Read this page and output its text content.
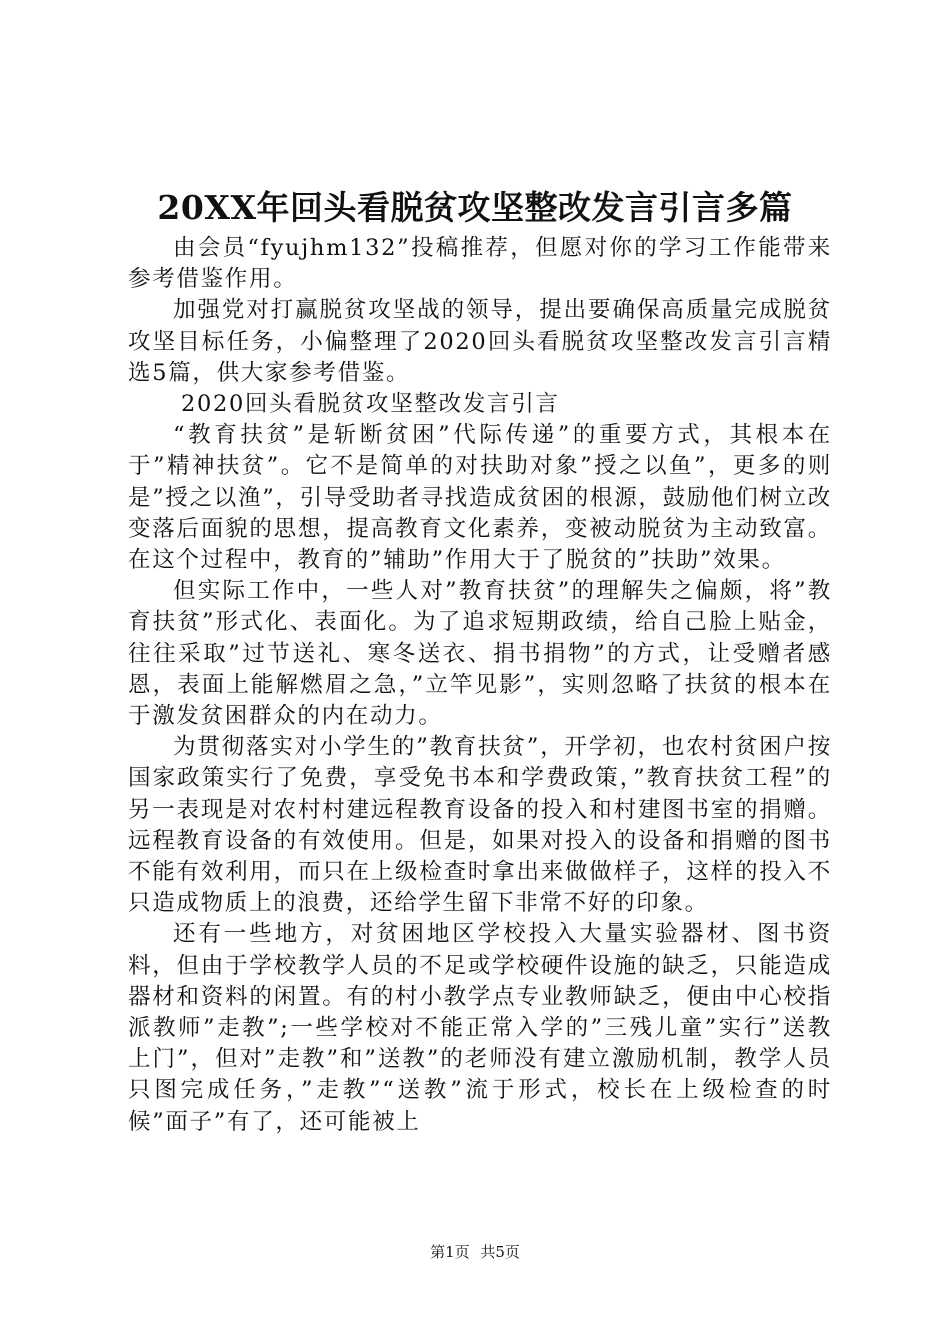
20XX年回头看脱贫攻坚整改发言引言多篇

由会员“fyujhm132”投稿推荐，但愿对你的学习工作能带来参考借鉴作用。

加强党对打赢脱贫攻坚战的领导，提出要确保高质量完成脱贫攻坚目标任务，小偏整理了2020回头看脱贫攻坚整改发言引言精选5篇，供大家参考借鉴。

2020回头看脱贫攻坚整改发言引言

“教育扶贫”是斩断贫困”代际传递”的重要方式，其根本在于”精神扶贫”。它不是简单的对扶助对象”授之以鱼”，更多的则是”授之以渔”，引导受助者寻找造成贫困的根源，鼓励他们树立改变落后面貌的思想，提高教育文化素养，变被动脱贫为主动致富。在这个过程中，教育的”辅助”作用大于了脱贫的”扶助”效果。

但实际工作中，一些人对”教育扶贫”的理解失之偏颇，将”教育扶贫”形式化、表面化。为了追求短期政绩，给自己脸上贴金，往往采取”过节送礼、寒冬送衣、捐书捐物”的方式，让受赠者感恩，表面上能解燃眉之急，”立竿见影”，实则忽略了扶贫的根本在于激发贫困群众的内在动力。

为贯彻落实对小学生的”教育扶贫”，开学初，也农村贫困户按国家政策实行了免费，享受免书本和学费政策，”教育扶贫工程”的另一表现是对农村村建远程教育设备的投入和村建图书室的捐赠。远程教育设备的有效使用。但是，如果对投入的设备和捐赠的图书不能有效利用，而只在上级检查时拿出来做做样子，这样的投入不只造成物质上的浪费，还给学生留下非常不好的印象。

还有一些地方，对贫困地区学校投入大量实验器材、图书资料，但由于学校教学人员的不足或学校硬件设施的缺乏，只能造成器材和资料的闲置。有的村小教学点专业教师缺乏，便由中心校指派教师”走教”;一些学校对不能正常入学的”三残儿童”实行”送教上门”，但对”走教”和”送教”的老师没有建立激励机制，教学人员只图完成任务，”走教”“送教”流于形式，校长在上级检查的时候”面子”有了，还可能被上

第1页 共5页
